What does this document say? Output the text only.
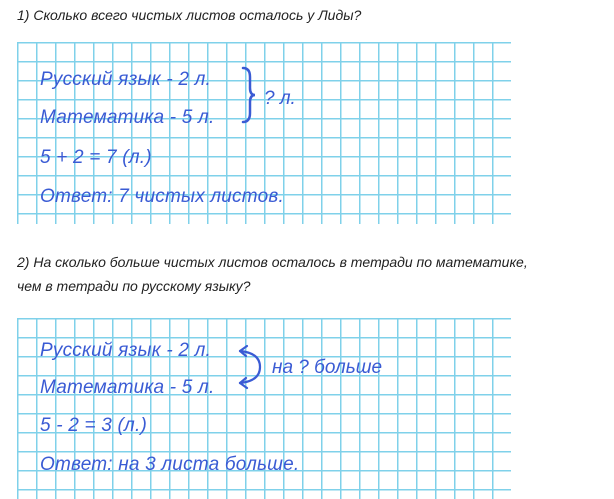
1) Сколько всего чистых листов осталось у Лиды?
Русский язык - 2 л.
Математика - 5 л.
? л.
5 + 2 = 7 (л.)
Ответ: 7 чистых листов.
2) На сколько больше чистых листов осталось в тетради по математике,
чем в тетради по русскому языку?
Русский язык - 2 л.
Математика - 5 л.
на ? больше
5 - 2 = 3 (л.)
Ответ: на 3 листа больше.
